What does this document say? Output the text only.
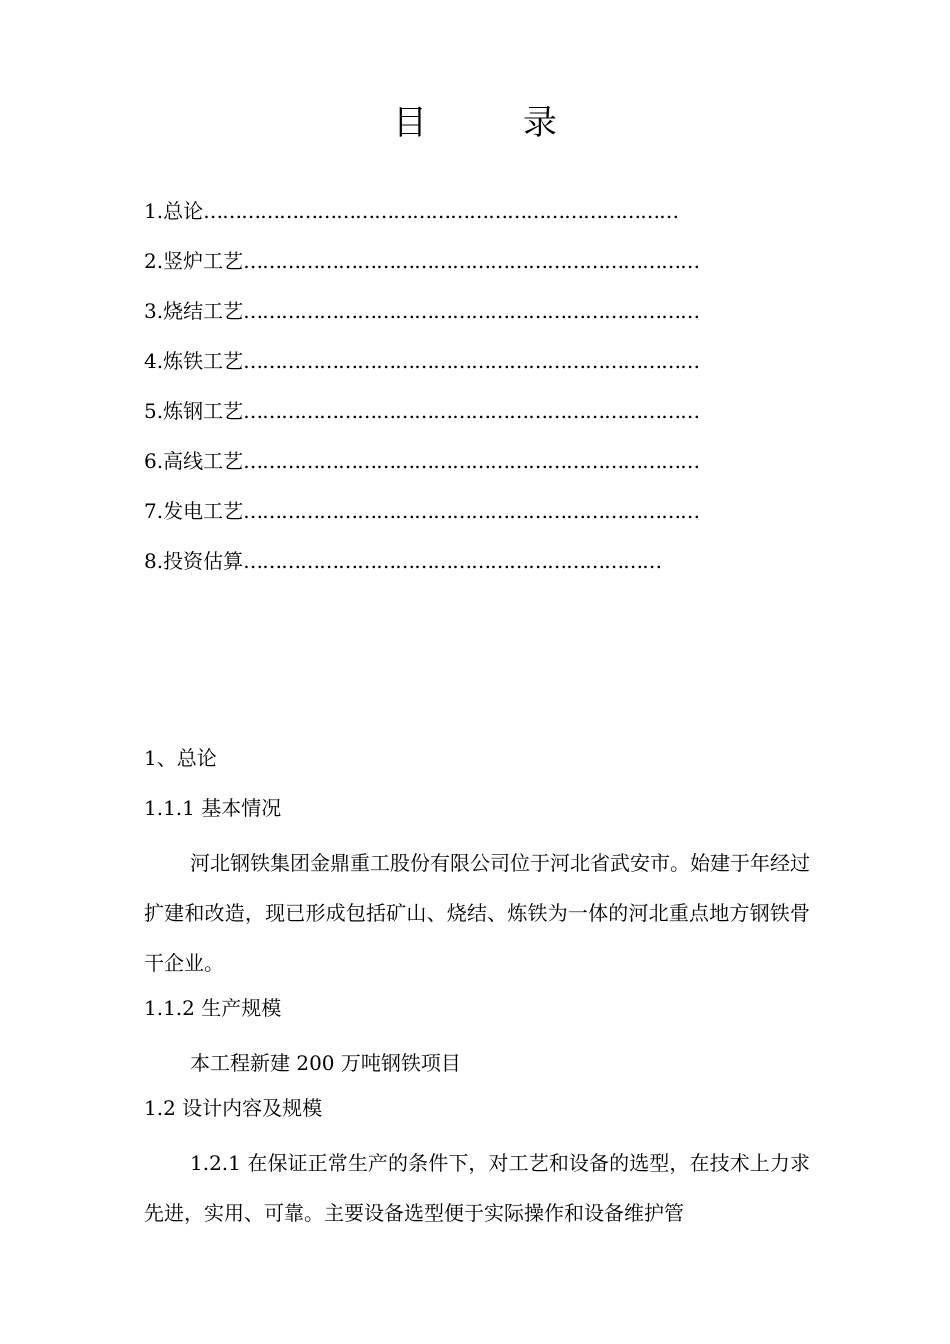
目	录
1.总论…………………………………………………………………
2.竖炉工艺………………………………………………………………
3.烧结工艺………………………………………………………………
4.炼铁工艺………………………………………………………………
5.炼钢工艺………………………………………………………………
6.高线工艺………………………………………………………………
7.发电工艺………………………………………………………………
8.投资估算…………………………………………………………
1、总论
1.1.1 基本情况

河北钢铁集团金鼎重工股份有限公司位于河北省武安市。始建于年经过扩建和改造，现已形成包括矿山、烧结、炼铁为一体的河北重点地方钢铁骨干企业。

1.1.2 生产规模

本工程新建 200 万吨钢铁项目

1.2 设计内容及规模

1.2.1 在保证正常生产的条件下，对工艺和设备的选型，在技术上力求先进，实用、可靠。主要设备选型便于实际操作和设备维护管
